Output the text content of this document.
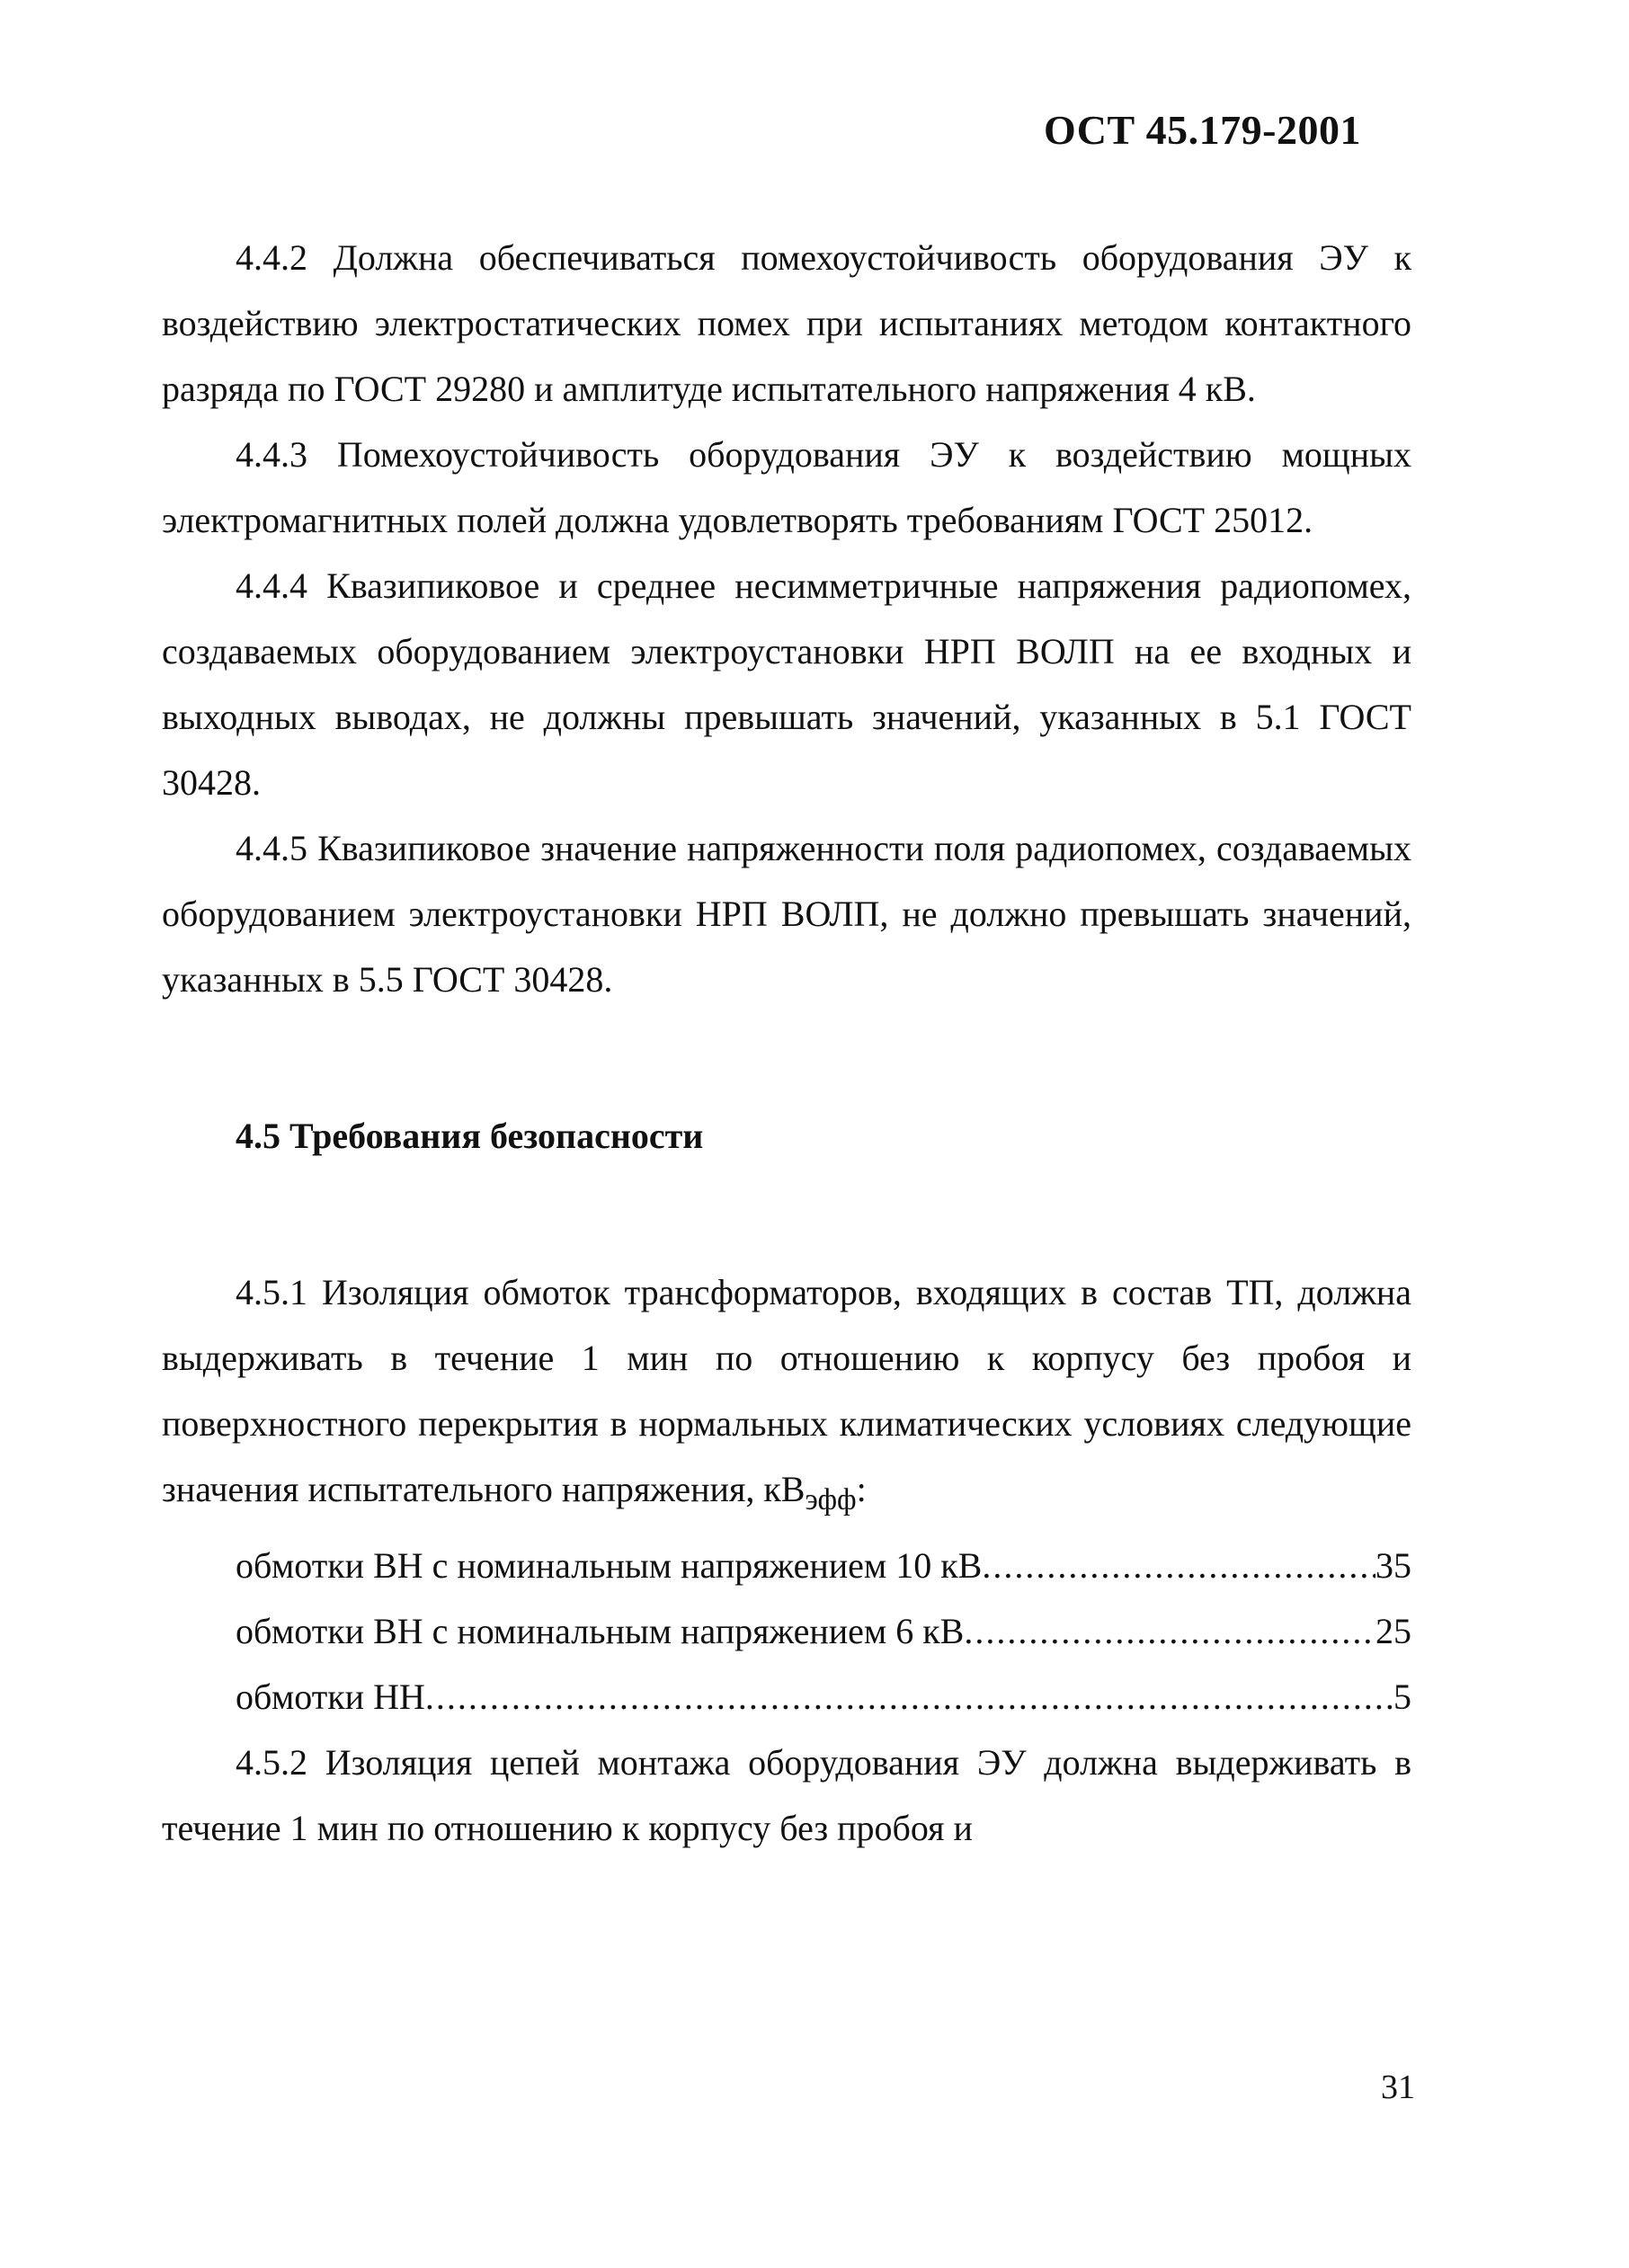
ОСТ 45.179-2001

4.4.2 Должна обеспечиваться помехоустойчивость оборудования ЭУ к воздействию электростатических помех при испытаниях методом контактного разряда по ГОСТ 29280 и амплитуде испытательного напряжения 4 кВ.

4.4.3 Помехоустойчивость оборудования ЭУ к воздействию мощных электромагнитных полей должна удовлетворять требованиям ГОСТ 25012.

4.4.4 Квазипиковое и среднее несимметричные напряжения радиопомех, создаваемых оборудованием электроустановки НРП ВОЛП на ее входных и выходных выводах, не должны превышать значений, указанных в 5.1 ГОСТ 30428.

4.4.5 Квазипиковое значение напряженности поля радиопомех, создаваемых оборудованием электроустановки НРП ВОЛП, не должно превышать значений, указанных в 5.5 ГОСТ 30428.

4.5 Требования безопасности

4.5.1 Изоляция обмоток трансформаторов, входящих в состав ТП, должна выдерживать в течение 1 мин по отношению к корпусу без пробоя и поверхностного перекрытия в нормальных климатических условиях следующие значения испытательного напряжения, $кВ_{эфф}$:

обмотки ВН с номинальным напряжением 10 кВ .....	35
обмотки ВН с номинальным напряжением 6 кВ .....	25
обмотки НН .....	5

4.5.2 Изоляция цепей монтажа оборудования ЭУ должна выдерживать в течение 1 мин по отношению к корпусу без пробоя и

31
